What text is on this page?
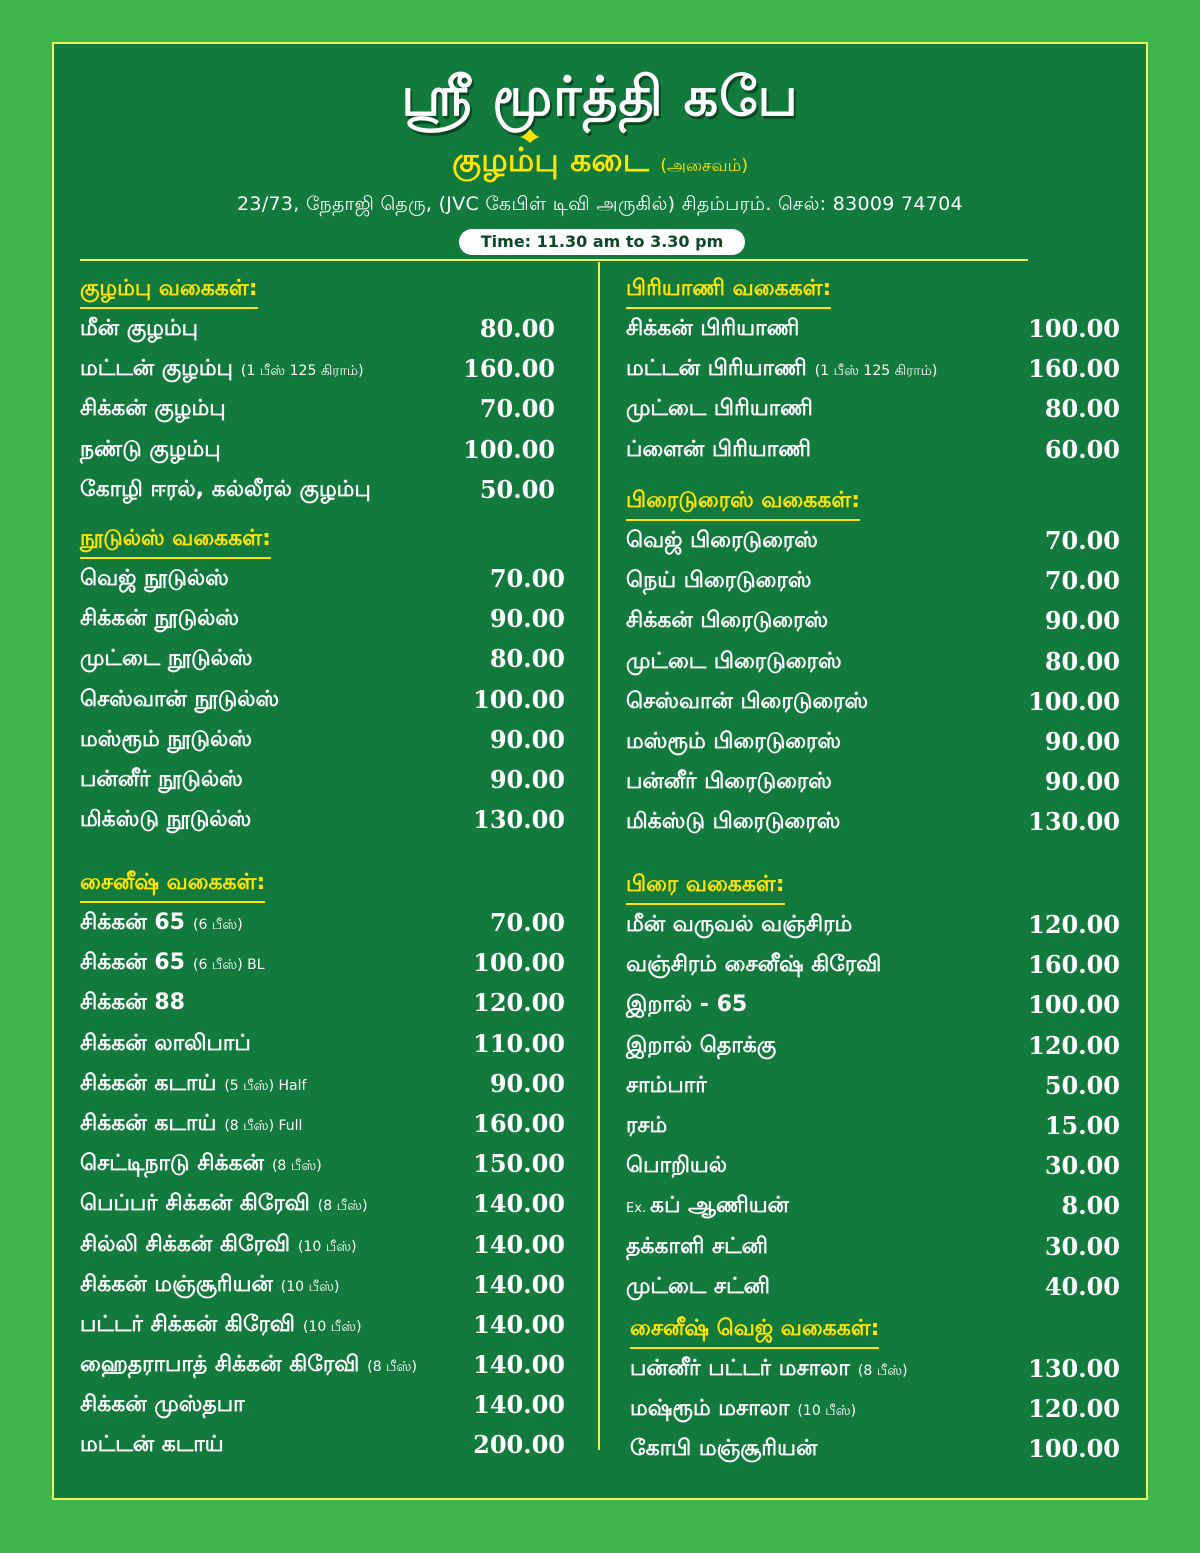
ஸ்ரீ மூர்த்தி கபே
குழம்பு கடை (அசைவம்)
23/73, நேதாஜி தெரு, (JVC கேபிள் டிவி அருகில்) சிதம்பரம். செல்: 83009 74704
Time: 11.30 am to 3.30 pm
குழம்பு வகைகள்:
மீன் குழம்பு	80.00
மட்டன் குழம்பு (1 பீஸ் 125 கிராம்)	160.00
சிக்கன் குழம்பு	70.00
நண்டு குழம்பு	100.00
கோழி ஈரல், கல்லீரல் குழம்பு	50.00
நூடுல்ஸ் வகைகள்:
வெஜ் நூடுல்ஸ்	70.00
சிக்கன் நூடுல்ஸ்	90.00
முட்டை நூடுல்ஸ்	80.00
செஸ்வான் நூடுல்ஸ்	100.00
மஸ்ரூம் நூடுல்ஸ்	90.00
பன்னீர் நூடுல்ஸ்	90.00
மிக்ஸ்டு நூடுல்ஸ்	130.00
சைனீஷ் வகைகள்:
சிக்கன் 65 (6 பீஸ்)	70.00
சிக்கன் 65 (6 பீஸ்) BL	100.00
சிக்கன் 88	120.00
சிக்கன் லாலிபாப்	110.00
சிக்கன் கடாய் (5 பீஸ்) Half	90.00
சிக்கன் கடாய் (8 பீஸ்) Full	160.00
செட்டிநாடு சிக்கன் (8 பீஸ்)	150.00
பெப்பர் சிக்கன் கிரேவி (8 பீஸ்)	140.00
சில்லி சிக்கன் கிரேவி (10 பீஸ்)	140.00
சிக்கன் மஞ்சூரியன் (10 பீஸ்)	140.00
பட்டர் சிக்கன் கிரேவி (10 பீஸ்)	140.00
ஹைதராபாத் சிக்கன் கிரேவி (8 பீஸ்) 140.00
சிக்கன் முஸ்தபா	140.00
மட்டன் கடாய்	200.00
பிரியாணி வகைகள்:
சிக்கன் பிரியாணி	100.00
மட்டன் பிரியாணி (1 பீஸ் 125 கிராம்)	160.00
முட்டை பிரியாணி	80.00
ப்ளைன் பிரியாணி	60.00
பிரைடுரைஸ் வகைகள்:
வெஜ் பிரைடுரைஸ்	70.00
நெய் பிரைடுரைஸ்	70.00
சிக்கன் பிரைடுரைஸ்	90.00
முட்டை பிரைடுரைஸ்	80.00
செஸ்வான் பிரைடுரைஸ்	100.00
மஸ்ரூம் பிரைடுரைஸ்	90.00
பன்னீர் பிரைடுரைஸ்	90.00
மிக்ஸ்டு பிரைடுரைஸ்	130.00
பிரை வகைகள்:
மீன் வருவல் வஞ்சிரம்	120.00
வஞ்சிரம் சைனீஷ் கிரேவி	160.00
இறால் - 65	100.00
இறால் தொக்கு	120.00
சாம்பார்	50.00
ரசம்	15.00
பொறியல்	30.00
Ex. கப் ஆணியன்	8.00
தக்காளி சட்னி	30.00
முட்டை சட்னி	40.00
சைனீஷ் வெஜ் வகைகள்:
பன்னீர் பட்டர் மசாலா (8 பீஸ்)	130.00
மஷ்ரூம் மசாலா (10 பீஸ்)	120.00
கோபி மஞ்சூரியன்	100.00
